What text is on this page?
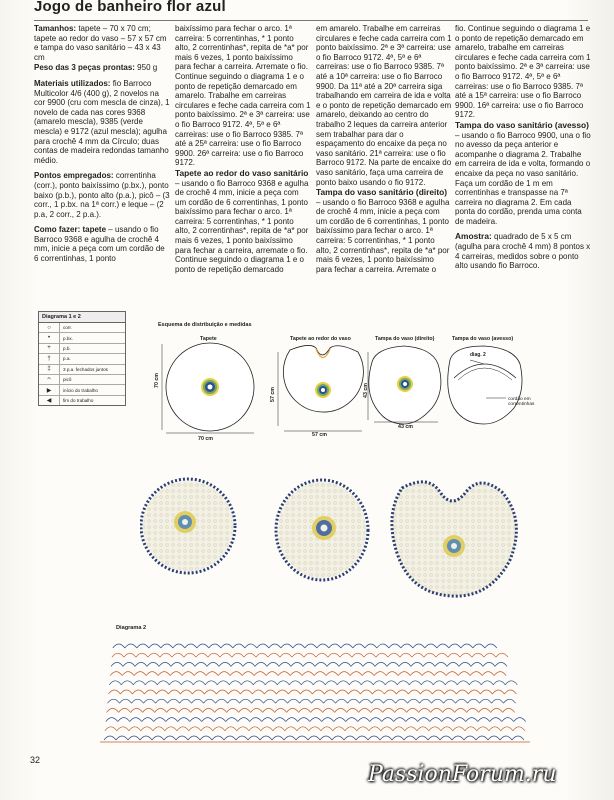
Jogo de banheiro flor azul

Tamanhos: tapete – 70 x 70 cm; tapete ao redor do vaso – 57 x 57 cm e tampa do vaso sanitário – 43 x 43 cm

Peso das 3 peças prontas: 950 g

Materiais utilizados: fio Barroco Multicolor 4/6 (400 g), 2 novelos na cor 9900 (cru com mescla de cinza), 1 novelo de cada nas cores 9368 (amarelo mescla), 9385 (verde mescla) e 9172 (azul mescla); agulha para crochê 4 mm da Círculo; duas contas de madeira redondas tamanho médio.

Pontos empregados: correntinha (corr.), ponto baixíssimo (p.bx.), ponto baixo (p.b.), ponto alto (p.a.), picô – (3 corr., 1 p.bx. na 1ª corr.) e leque – (2 p.a, 2 corr., 2 p.a.).

Como fazer: tapete – usando o fio Barroco 9368 e agulha de crochê 4 mm, inicie a peça com um cordão de 6 correntinhas, 1 ponto

baixíssimo para fechar o arco. 1ª carreira: 5 correntinhas, * 1 ponto alto, 2 correntinhas*, repita de *a* por mais 6 vezes, 1 ponto baixíssimo para fechar a carreira. Arremate o fio. Continue seguindo o diagrama 1 e o ponto de repetição demarcado em amarelo. Trabalhe em carreiras circulares e feche cada carreira com 1 ponto baixíssimo. 2ª e 3ª carreira: use o fio Barroco 9172. 4ª, 5ª e 6ª carreiras: use o fio Barroco 9385. 7ª até a 25ª carreira: use o fio Barroco 9900. 26ª carreira: use o fio Barroco 9172.

Tapete ao redor do vaso sanitário – usando o fio Barroco 9368 e agulha de crochê 4 mm, inicie a peça com um cordão de 6 correntinhas, 1 ponto baixíssimo para fechar o arco. 1ª carreira: 5 correntinhas, * 1 ponto alto, 2 correntinhas*, repita de *a* por mais 6 vezes, 1 ponto baixíssimo para fechar a carreira, arremate o fio. Continue seguindo o diagrama 1 e o ponto de repetição demarcado

em amarelo. Trabalhe em carreiras circulares e feche cada carreira com 1 ponto baixíssimo. 2ª e 3ª carreira: use o fio Barroco 9172. 4ª, 5ª e 6ª carreiras: use o fio Barroco 9385. 7ª até a 10ª carreira: use o fio Barroco 9900. Da 11ª até a 20ª carreira siga trabalhando em carreira de ida e volta e o ponto de repetição demarcado em amarelo, deixando ao centro do trabalho 2 leques da carreira anterior sem trabalhar para dar o espaçamento do encaixe da peça no vaso sanitário. 21ª carreira: use o fio Barroco 9172. Na parte de encaixe do vaso sanitário, faça uma carreira de ponto baixo usando o fio 9172.

Tampa do vaso sanitário (direito) – usando o fio Barroco 9368 e agulha de crochê 4 mm, inicie a peça com um cordão de 6 correntinhas, 1 ponto baixíssimo para fechar o arco. 1ª carreira: 5 correntinhas, * 1 ponto alto, 2 correntinhas*, repita de *a* por mais 6 vezes, 1 ponto baixíssimo para fechar a carreira. Arremate o

fio. Continue seguindo o diagrama 1 e o ponto de repetição demarcado em amarelo, trabalhe em carreiras circulares e feche cada carreira com 1 ponto baixíssimo. 2ª e 3ª carreira: use o fio Barroco 9172. 4ª, 5ª e 6ª carreiras: use o fio Barroco 9385. 7ª até a 15ª carreira: use o fio Barroco 9900. 16ª carreira: use o fio Barroco 9172.

Tampa do vaso sanitário (avesso) – usando o fio Barroco 9900, una o fio no avesso da peça anterior e acompanhe o diagrama 2. Trabalhe em carreira de ida e volta, formando o encaixe da peça no vaso sanitário. Faça um cordão de 1 m em correntinhas e transpasse na 7ª carreira no diagrama 2. Em cada ponta do cordão, prenda uma conta de madeira.

Amostra: quadrado de 5 x 5 cm (agulha para crochê 4 mm) 8 pontos x 4 carreiras, medidos sobre o ponto alto usando fio Barroco.

Diagrama 1 e 2
○	corr.
•	p.bx.
+	p.b.
†	p.a.
‡	3 p.a. fechados juntos
ᴖ	picô
▶	início do trabalho
◀	fim do trabalho
Esquema de distribuição e medidas
Tapete	Tapete ao redor do vaso	Tampa do vaso (direito)	Tampa do vaso (avesso)
70 cm
70 cm
57 cm
57 cm
43 cm
43 cm
diag. 2
cordão em correntinhas
Diagrama 2
32
PassionForum.ru
